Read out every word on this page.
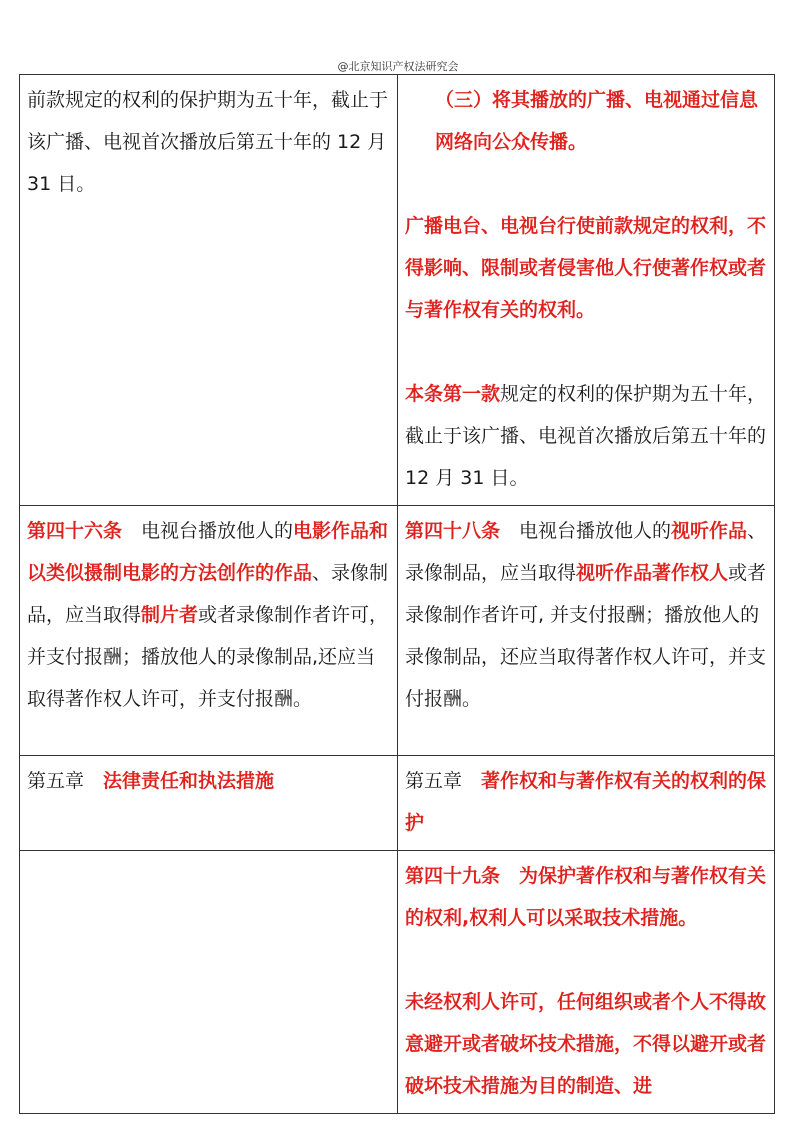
@北京知识产权法研究会
前款规定的权利的保护期为五十年，截止于该广播、电视首次播放后第五十年的 12 月 31 日。	（三）将其播放的广播、电视通过信息网络向公众传播。
广播电台、电视台行使前款规定的权利，不得影响、限制或者侵害他人行使著作权或者与著作权有关的权利。
本条第一款规定的权利的保护期为五十年，截止于该广播、电视首次播放后第五十年的 12 月 31 日。

第四十六条　 电视台播放他人的电影作品和以类似摄制电影的方法创作的作品、录像制品，应当取得制片者或者录像制作者许可，并支付报酬；播放他人的录像制品,还应当取得著作权人许可，并支付报酬。	第四十八条　 电视台播放他人的视听作品、录像制品，应当取得视听作品著作权人或者录像制作者许可, 并支付报酬；播放他人的录像制品，还应当取得著作权人许可，并支付报酬。

第五章　 法律责任和执法措施	第五章　 著作权和与著作权有关的权利的保护

	第四十九条　为保护著作权和与著作权有关的权利,权利人可以采取技术措施。
未经权利人许可，任何组织或者个人不得故意避开或者破坏技术措施，不得以避开或者破坏技术措施为目的制造、进
